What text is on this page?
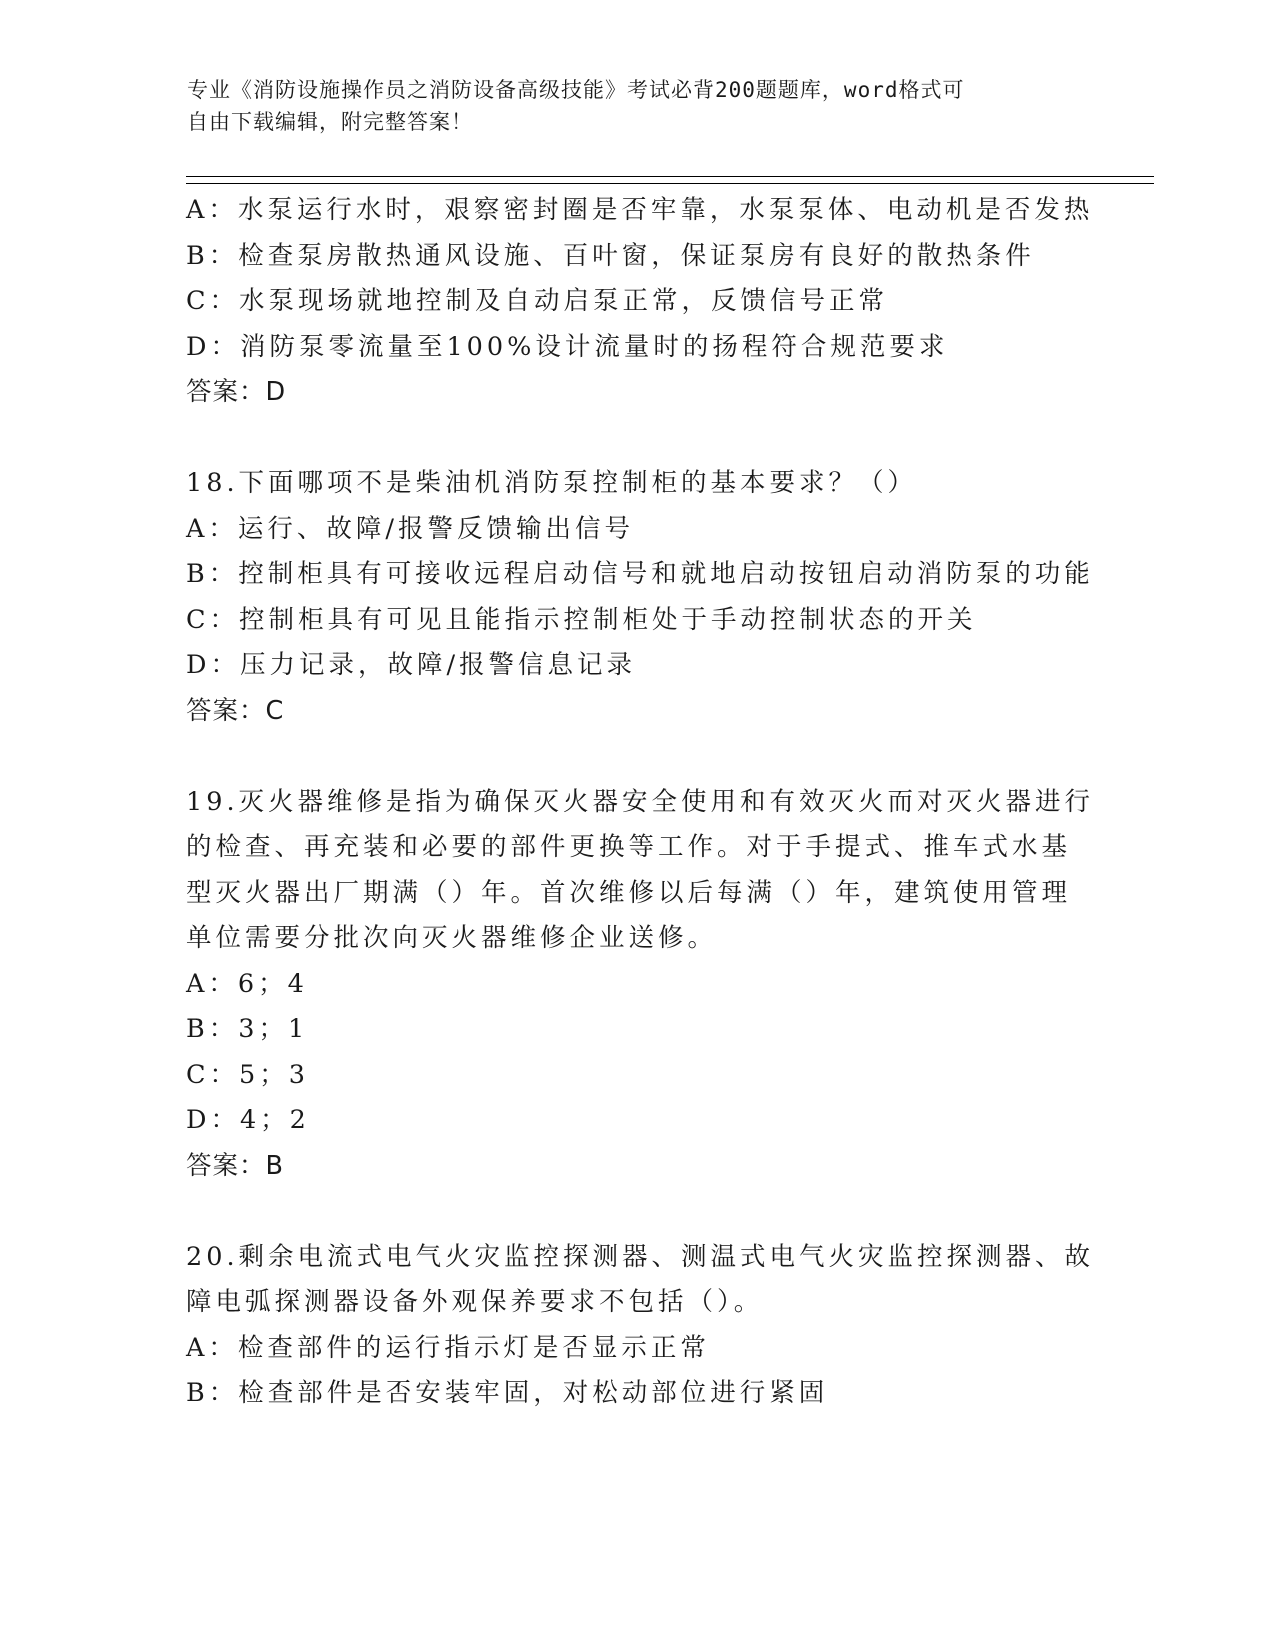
专业《消防设施操作员之消防设备高级技能》考试必背200题题库，word格式可
自由下载编辑，附完整答案！
A：水泵运行水时，艰察密封圈是否牢靠，水泵泵体、电动机是否发热
B：检查泵房散热通风设施、百叶窗，保证泵房有良好的散热条件
C：水泵现场就地控制及自动启泵正常，反馈信号正常
D：消防泵零流量至100%设计流量时的扬程符合规范要求
答案：D
18.下面哪项不是柴油机消防泵控制柜的基本要求？（）
A：运行、故障/报警反馈输出信号
B：控制柜具有可接收远程启动信号和就地启动按钮启动消防泵的功能
C：控制柜具有可见且能指示控制柜处于手动控制状态的开关
D：压力记录，故障/报警信息记录
答案：C
19.灭火器维修是指为确保灭火器安全使用和有效灭火而对灭火器进行
的检查、再充装和必要的部件更换等工作。对于手提式、推车式水基
型灭火器出厂期满（）年。首次维修以后每满（）年，建筑使用管理
单位需要分批次向灭火器维修企业送修。
A：6；4
B：3；1
C：5；3
D：4；2
答案：B
20.剩余电流式电气火灾监控探测器、测温式电气火灾监控探测器、故
障电弧探测器设备外观保养要求不包括（）。
A：检查部件的运行指示灯是否显示正常
B：检查部件是否安装牢固，对松动部位进行紧固
